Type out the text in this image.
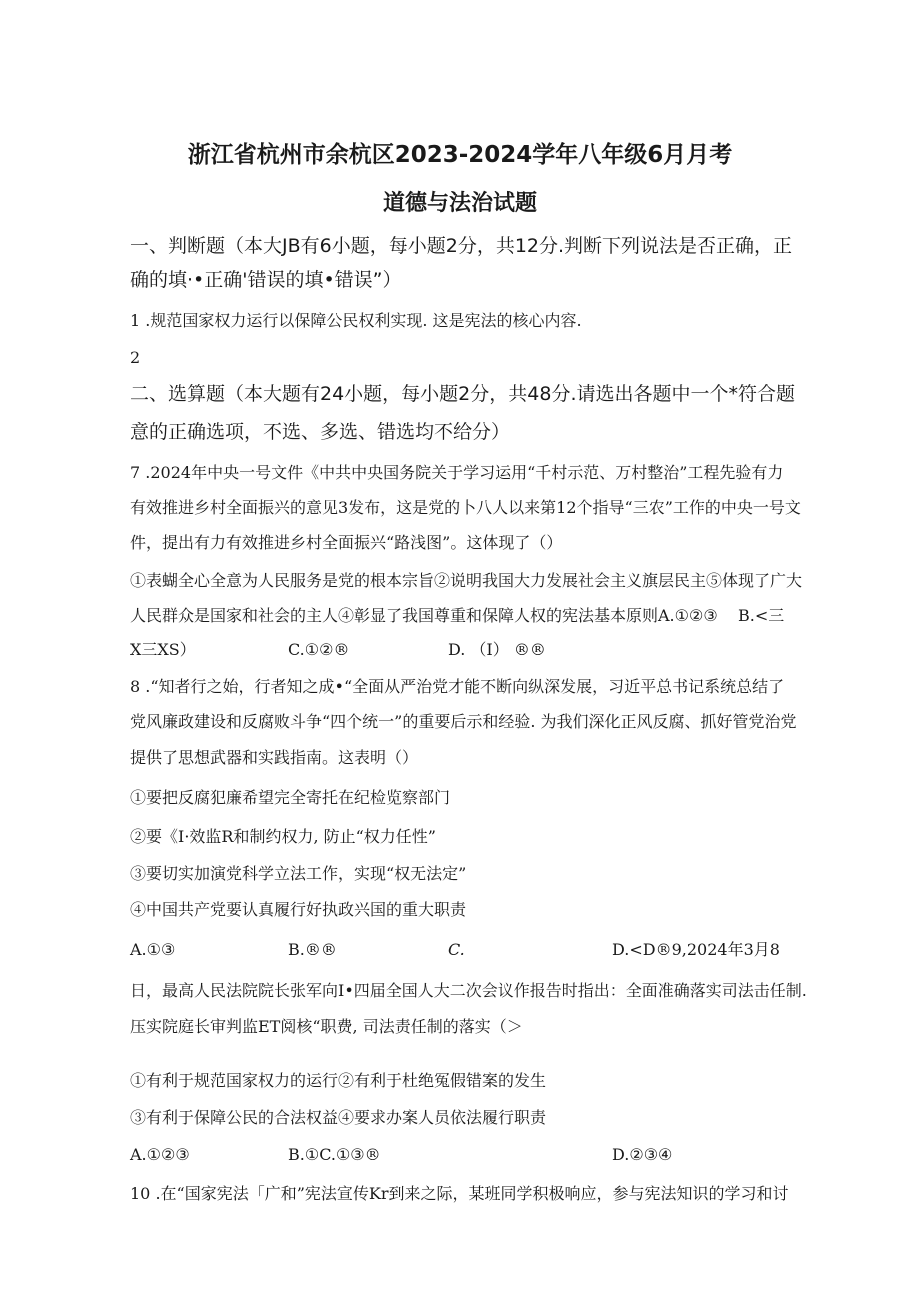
浙江省杭州市余杭区2023-2024学年八年级6月月考
道德与法治试题
一、判断题（本大JB有6小题，每小题2分，共12分.判断下列说法是否正确，正
确的填·•正确'错误的填•错误”）
1 .规范国家权力运行以保障公民权利实现. 这是宪法的核心内容.
2
二、选算题（本大题有24小题，每小题2分，共48分.请选出各题中一个*符合题
意的正确选项，不选、多选、错选均不给分）
7 .2024年中央一号文件《中共中央国务院关于学习运用“千村示范、万村整治”工程先验有力
有效推进乡村全面振兴的意见3发布，这是党的卜八人以来第12个指导“三农”工作的中央一号文
件，提出有力有效推进乡村全面振兴“路浅图”。这体现了（）
①表蝴全心全意为人民服务是党的根本宗旨②说明我国大力发展社会主义旗层民主⑤体现了广大
人民群众是国家和社会的主人④彰显了我国尊重和保障人权的宪法基本原则A.①②③ B.<三
X三XS）	C.①②®	D. （I） ®®
8 .“知者行之始，行者知之成•“全面从严治党才能不断向纵深发展，习近平总书记系统总结了
党风廉政建设和反腐败斗争“四个统一”的重要后示和经验. 为我们深化正风反腐、抓好管党治党
提供了思想武器和实践指南。这表明（）
①要把反腐犯廉希望完全寄托在纪检览察部门
②要《I·效监R和制约权力, 防止“权力任性”
③要切实加演党科学立法工作，实现“权无法定”
④中国共产党要认真履行好执政兴国的重大职责
A.①③	B.®®	C.	D.<D®9,2024年3月8
日，最高人民法院院长张军向I•四届全国人大二次会议作报告时指出：全面准确落实司法击任制.
压实院庭长审判监ET阅核“职费, 司法责任制的落实（＞
①有利于规范国家权力的运行②有利于杜绝冤假错案的发生
③有利于保障公民的合法权益④要求办案人员依法履行职责
A.①②③	B.①C.①③®	D.②③④
10 .在“国家宪法「广和”宪法宣传Kr到来之际，某班同学积极响应，参与宪法知识的学习和讨
